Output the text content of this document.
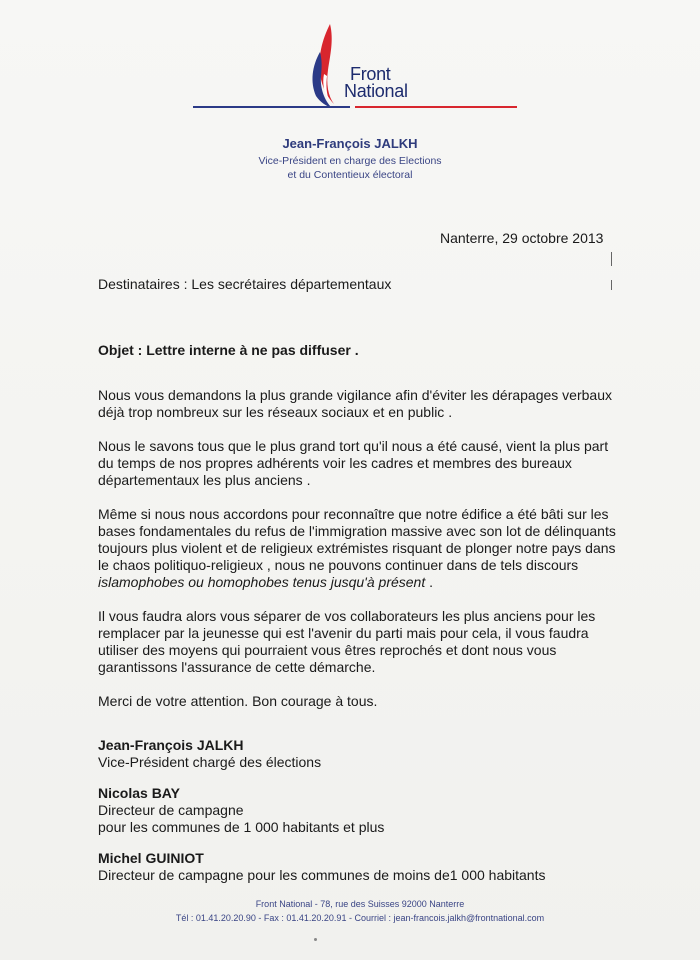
Front
National
Jean-François JALKH
Vice-Président en charge des Elections
et du Contentieux électoral
Nanterre, 29 octobre 2013
Destinataires : Les secrétaires départementaux
Objet : Lettre interne à ne pas diffuser .

Nous vous demandons la plus grande vigilance afin d'éviter les dérapages verbaux déjà trop nombreux sur les réseaux sociaux et en public .

Nous le savons tous que le plus grand tort qu'il nous a été causé, vient la plus part du temps de nos propres adhérents voir les cadres et membres des bureaux départementaux les plus anciens .

Même si nous nous accordons pour reconnaître que notre édifice a été bâti sur les bases fondamentales du refus de l'immigration massive avec son lot de délinquants toujours plus violent et de religieux extrémistes risquant de plonger notre pays dans le chaos politiquo-religieux , nous ne pouvons continuer dans de tels discours islamophobes ou homophobes tenus jusqu'à présent .

Il vous faudra alors vous séparer de vos collaborateurs les plus anciens pour les remplacer par la jeunesse qui est l'avenir du parti mais pour cela, il vous faudra utiliser des moyens qui pourraient vous êtres reprochés et dont nous vous garantissons l'assurance de cette démarche.

Merci de votre attention. Bon courage à tous.

Jean-François JALKH
Vice-Président chargé des élections
Nicolas BAY
Directeur de campagne
pour les communes de 1 000 habitants et plus
Michel GUINIOT
Directeur de campagne pour les communes de moins de1 000 habitants
Front National - 78, rue des Suisses 92000 Nanterre
Tél : 01.41.20.20.90 - Fax : 01.41.20.20.91 - Courriel : jean-francois.jalkh@frontnational.com
